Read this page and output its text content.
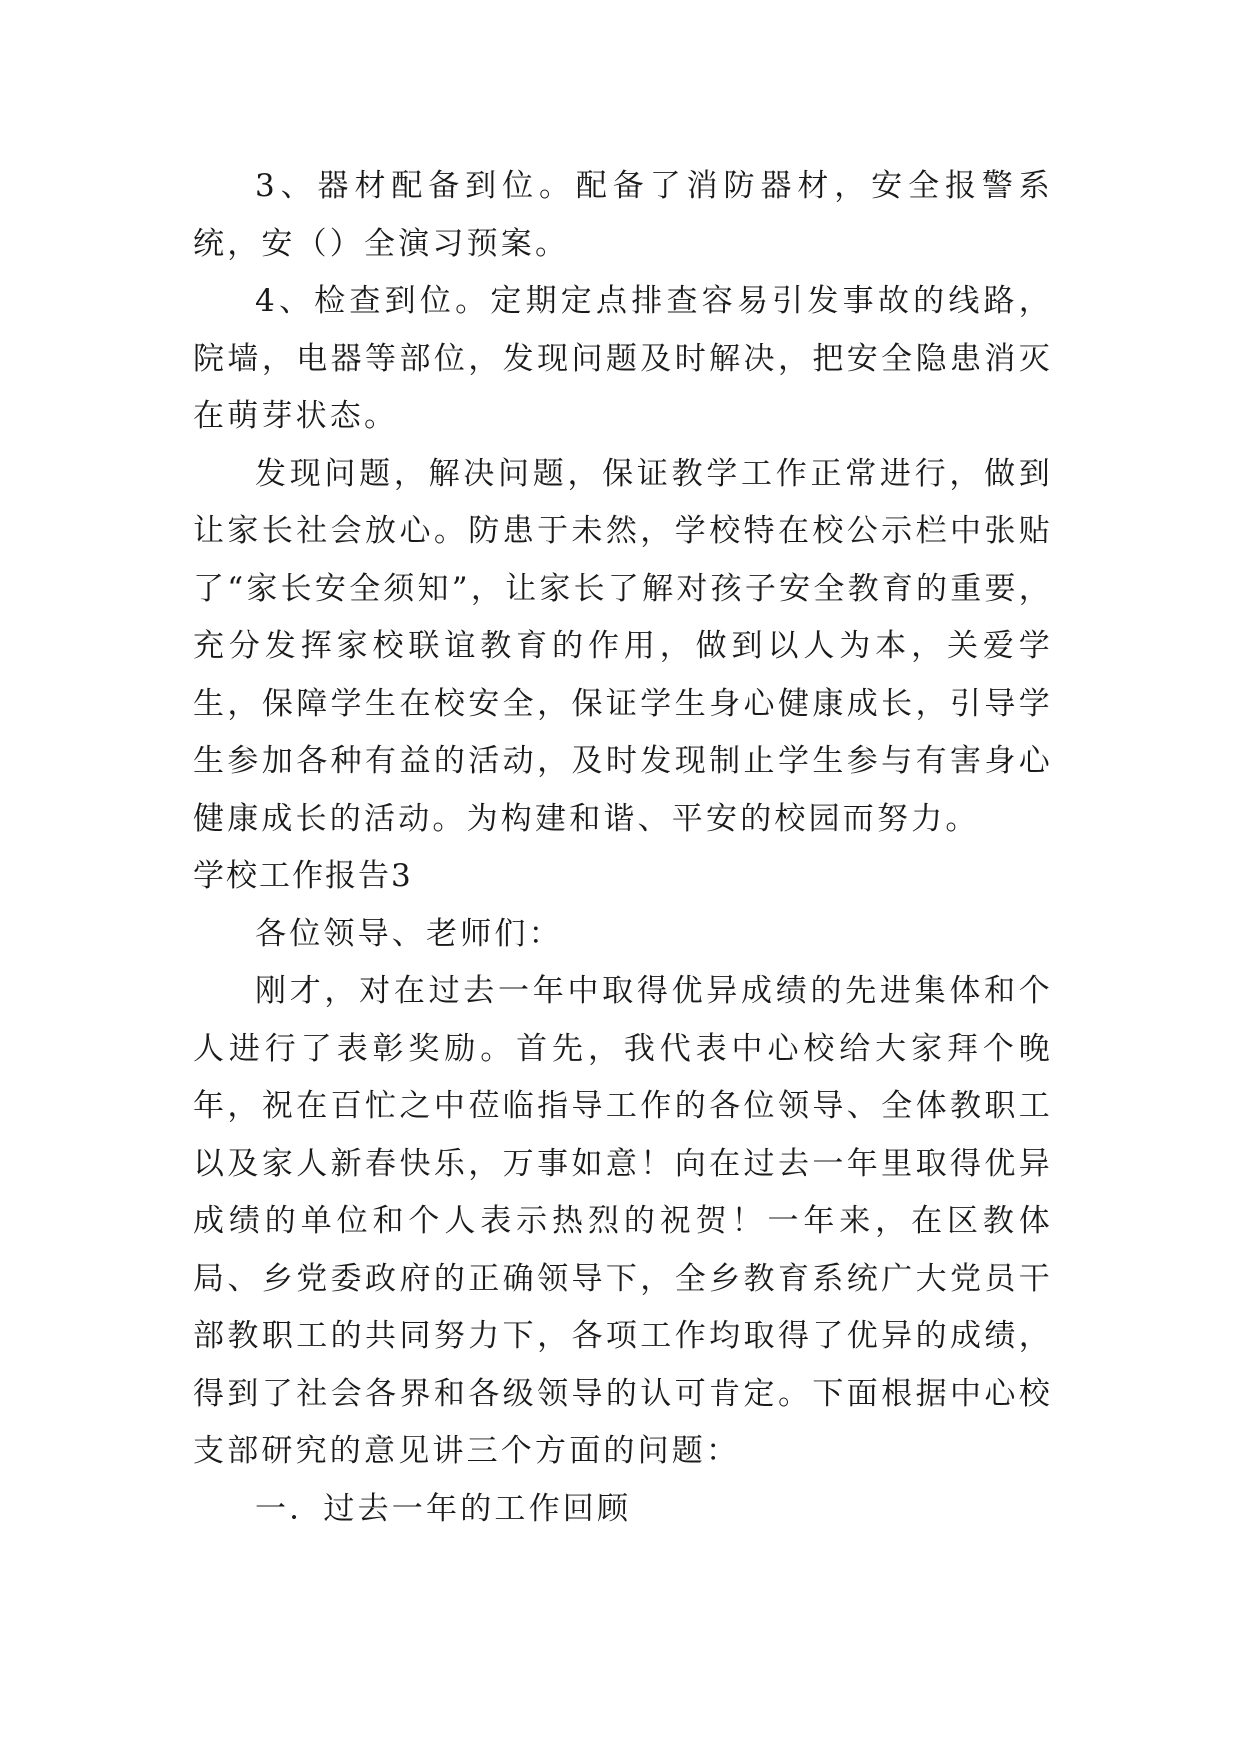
3、器材配备到位。配备了消防器材，安全报警系统，安（）全演习预案。

4、检查到位。定期定点排查容易引发事故的线路，院墙，电器等部位，发现问题及时解决，把安全隐患消灭在萌芽状态。

发现问题，解决问题，保证教学工作正常进行，做到让家长社会放心。防患于未然，学校特在校公示栏中张贴了“家长安全须知”，让家长了解对孩子安全教育的重要，充分发挥家校联谊教育的作用，做到以人为本，关爱学生，保障学生在校安全，保证学生身心健康成长，引导学生参加各种有益的活动，及时发现制止学生参与有害身心健康成长的活动。为构建和谐、平安的校园而努力。

学校工作报告3

各位领导、老师们：

刚才，对在过去一年中取得优异成绩的先进集体和个人进行了表彰奖励。首先，我代表中心校给大家拜个晚年，祝在百忙之中莅临指导工作的各位领导、全体教职工以及家人新春快乐，万事如意！向在过去一年里取得优异成绩的单位和个人表示热烈的祝贺！一年来，在区教体局、乡党委政府的正确领导下，全乡教育系统广大党员干部教职工的共同努力下，各项工作均取得了优异的成绩，得到了社会各界和各级领导的认可肯定。下面根据中心校支部研究的意见讲三个方面的问题：

一．过去一年的工作回顾
